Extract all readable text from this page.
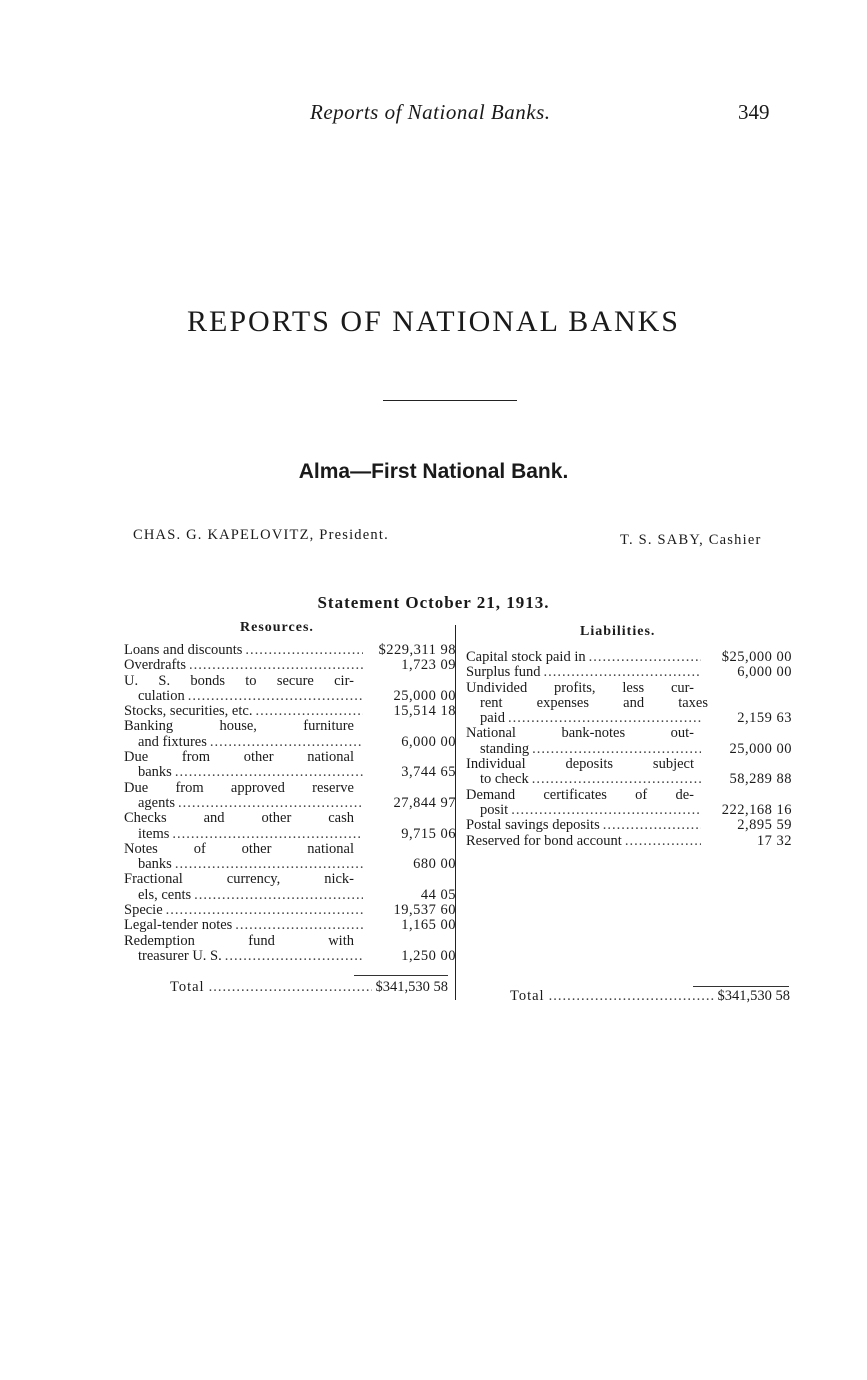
Reports of National Banks.	349
REPORTS OF NATIONAL BANKS
Alma—First National Bank.
CHAS. G. KAPELOVITZ, President.	T. S. SABY, Cashier
Statement October 21, 1913.
Resources.	Liabilities.
Loans and discounts .....	$229,311 98
Overdrafts .....	1,723 09
U. S. bonds to secure cir-
culation .....	25,000 00
Stocks, securities, etc. .....	15,514 18
Banking	house,	furniture
and fixtures .....	6,000 00
Due from other national
banks .....	3,744 65
Due from approved reserve
agents .....	27,844 97
Checks	and	other	cash
items .....	9,715 06
Notes of other national
banks .....	680 00
Fractional	currency,	nick-
els, cents .....	44 05
Specie .....	19,537 60
Legal-tender notes .....	1,165 00
Redemption	fund	with
treasurer U. S. .....	1,250 00
Capital stock paid in .....	$25,000 00
Surplus fund .....	6,000 00
Undivided profits, less cur-
rent expenses and taxes
paid .....	2,159 63
National	bank-notes	out-
standing .....	25,000 00
Individual	deposits	subject
to check .....	58,289 88
Demand certificates of de-
posit .....	222,168 16
Postal savings deposits .....	2,895 59
Reserved for bond account .....	17 32
Total .....	$341,530 58
Total .....	$341,530 58
